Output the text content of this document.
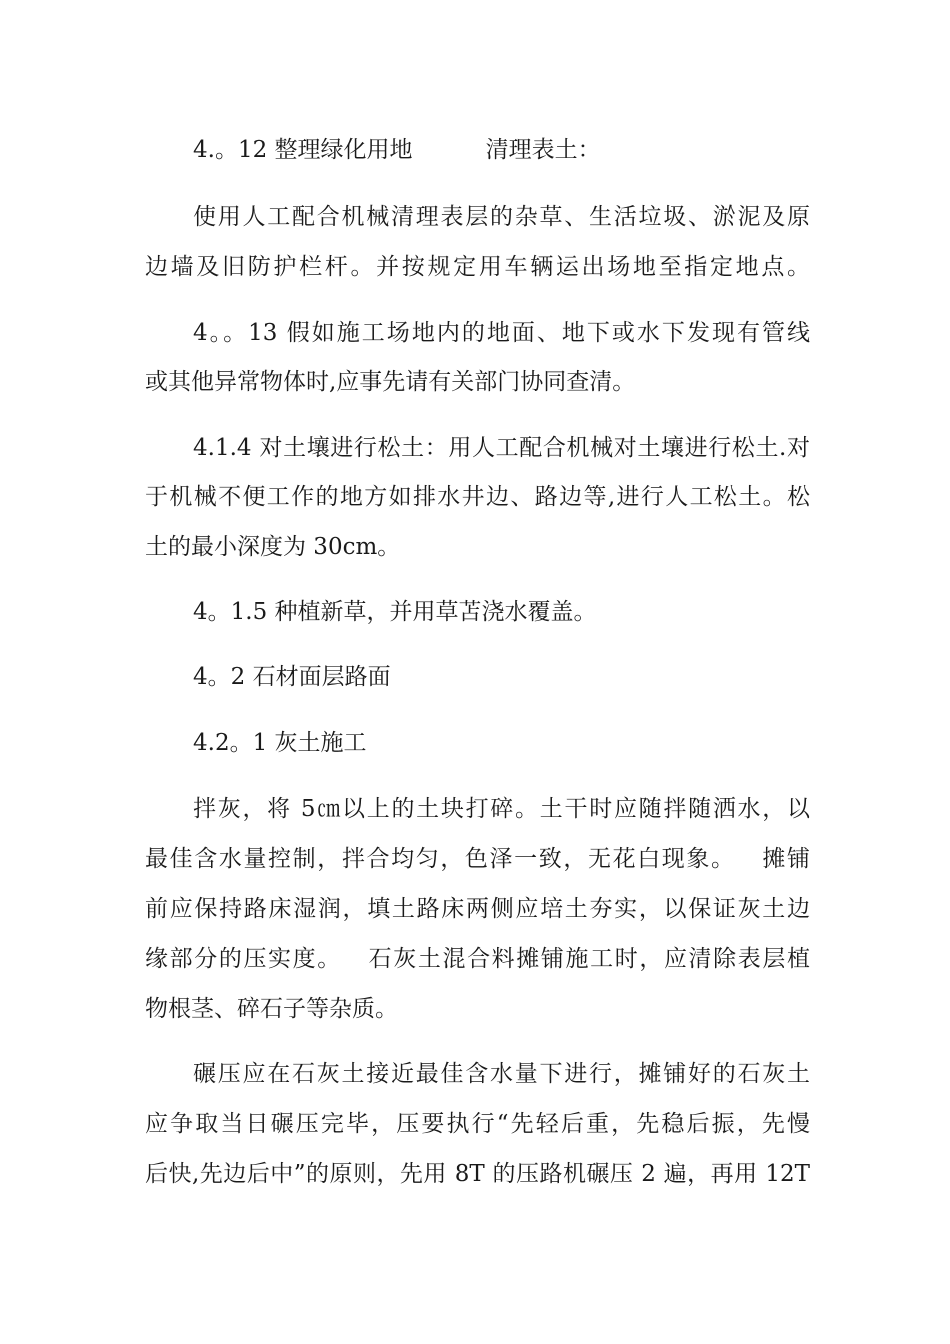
4.。12 整理绿化用地          清理表土：
使用人工配合机械清理表层的杂草、生活垃圾、淤泥及原
边墙及旧防护栏杆。并按规定用车辆运出场地至指定地点。
4。。13 假如施工场地内的地面、地下或水下发现有管线
或其他异常物体时,应事先请有关部门协同查清。
4.1.4 对土壤进行松土：用人工配合机械对土壤进行松土.对
于机械不便工作的地方如排水井边、路边等,进行人工松土。松
土的最小深度为 30cm。
4。1.5 种植新草，并用草苫浇水覆盖。
4。2 石材面层路面
4.2。1 灰土施工
拌灰，将 5㎝以上的土块打碎。土干时应随拌随洒水，以
最佳含水量控制，拌合均匀，色泽一致，无花白现象。   摊铺
前应保持路床湿润，填土路床两侧应培土夯实，以保证灰土边
缘部分的压实度。   石灰土混合料摊铺施工时，应清除表层植
物根茎、碎石子等杂质。
碾压应在石灰土接近最佳含水量下进行，摊铺好的石灰土
应争取当日碾压完毕，压要执行“先轻后重，先稳后振，先慢
后快,先边后中”的原则，先用 8T 的压路机碾压 2 遍，再用 12T
